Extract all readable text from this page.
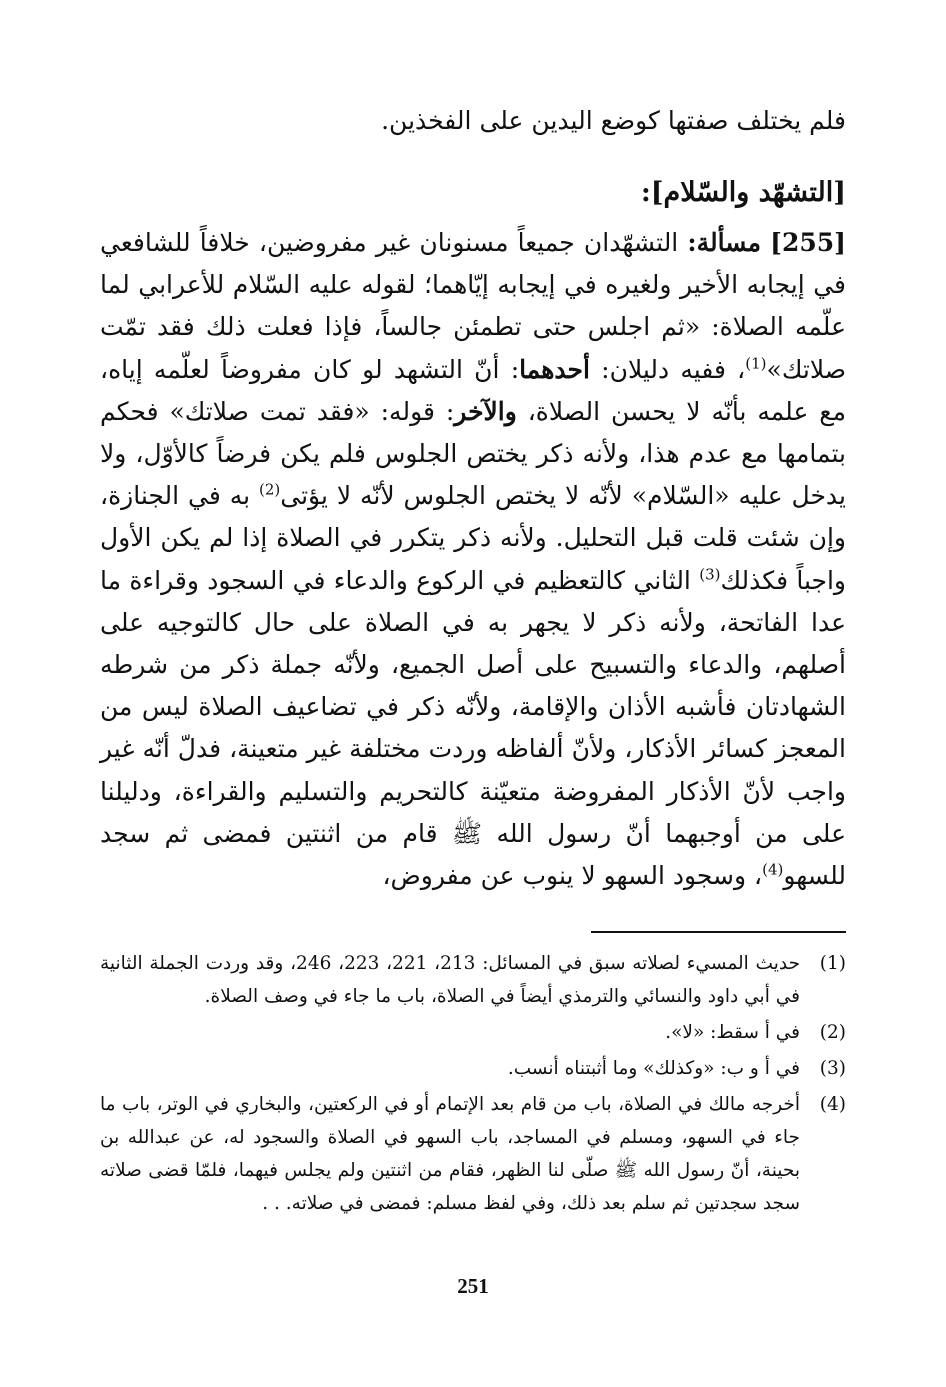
فلم يختلف صفتها كوضع اليدين على الفخذين.

[التشهّد والسّلام]:

[255] مسألة: التشهّدان جميعاً مسنونان غير مفروضين، خلافاً للشافعي في إيجابه الأخير ولغيره في إيجابه إيّاهما؛ لقوله عليه السّلام للأعرابي لما علّمه الصلاة: «ثم اجلس حتى تطمئن جالساً، فإذا فعلت ذلك فقد تمّت صلاتك»$^{(1)}$، ففيه دليلان: أحدهما: أنّ التشهد لو كان مفروضاً لعلّمه إياه، مع علمه بأنّه لا يحسن الصلاة، والآخر: قوله: «فقد تمت صلاتك» فحكم بتمامها مع عدم هذا، ولأنه ذكر يختص الجلوس فلم يكن فرضاً كالأوّل، ولا يدخل عليه «السّلام» لأنّه لا يختص الجلوس لأنّه لا يؤتى$^{(2)}$ به في الجنازة، وإن شئت قلت قبل التحليل. ولأنه ذكر يتكرر في الصلاة إذا لم يكن الأول واجباً فكذلك$^{(3)}$ الثاني كالتعظيم في الركوع والدعاء في السجود وقراءة ما عدا الفاتحة، ولأنه ذكر لا يجهر به في الصلاة على حال كالتوجيه على أصلهم، والدعاء والتسبيح على أصل الجميع، ولأنّه جملة ذكر من شرطه الشهادتان فأشبه الأذان والإقامة، ولأنّه ذكر في تضاعيف الصلاة ليس من المعجز كسائر الأذكار، ولأنّ ألفاظه وردت مختلفة غير متعينة، فدلّ أنّه غير واجب لأنّ الأذكار المفروضة متعيّنة كالتحريم والتسليم والقراءة، ودليلنا على من أوجبهما أنّ رسول الله ﷺ قام من اثنتين فمضى ثم سجد للسهو$^{(4)}$، وسجود السهو لا ينوب عن مفروض،

(1)
حديث المسيء لصلاته سبق في المسائل: 213، 221، 223، 246، وقد وردت الجملة الثانية في أبي داود والنسائي والترمذي أيضاً في الصلاة، باب ما جاء في وصف الصلاة.
(2)
في أ سقط: «لا».
(3)
في أ و ب: «وكذلك» وما أثبتناه أنسب.
(4)
أخرجه مالك في الصلاة، باب من قام بعد الإتمام أو في الركعتين، والبخاري في الوتر، باب ما جاء في السهو، ومسلم في المساجد، باب السهو في الصلاة والسجود له، عن عبدالله بن بحينة، أنّ رسول الله ﷺ صلّى لنا الظهر، فقام من اثنتين ولم يجلس فيهما، فلمّا قضى صلاته سجد سجدتين ثم سلم بعد ذلك، وفي لفظ مسلم: فمضى في صلاته. . .
251
